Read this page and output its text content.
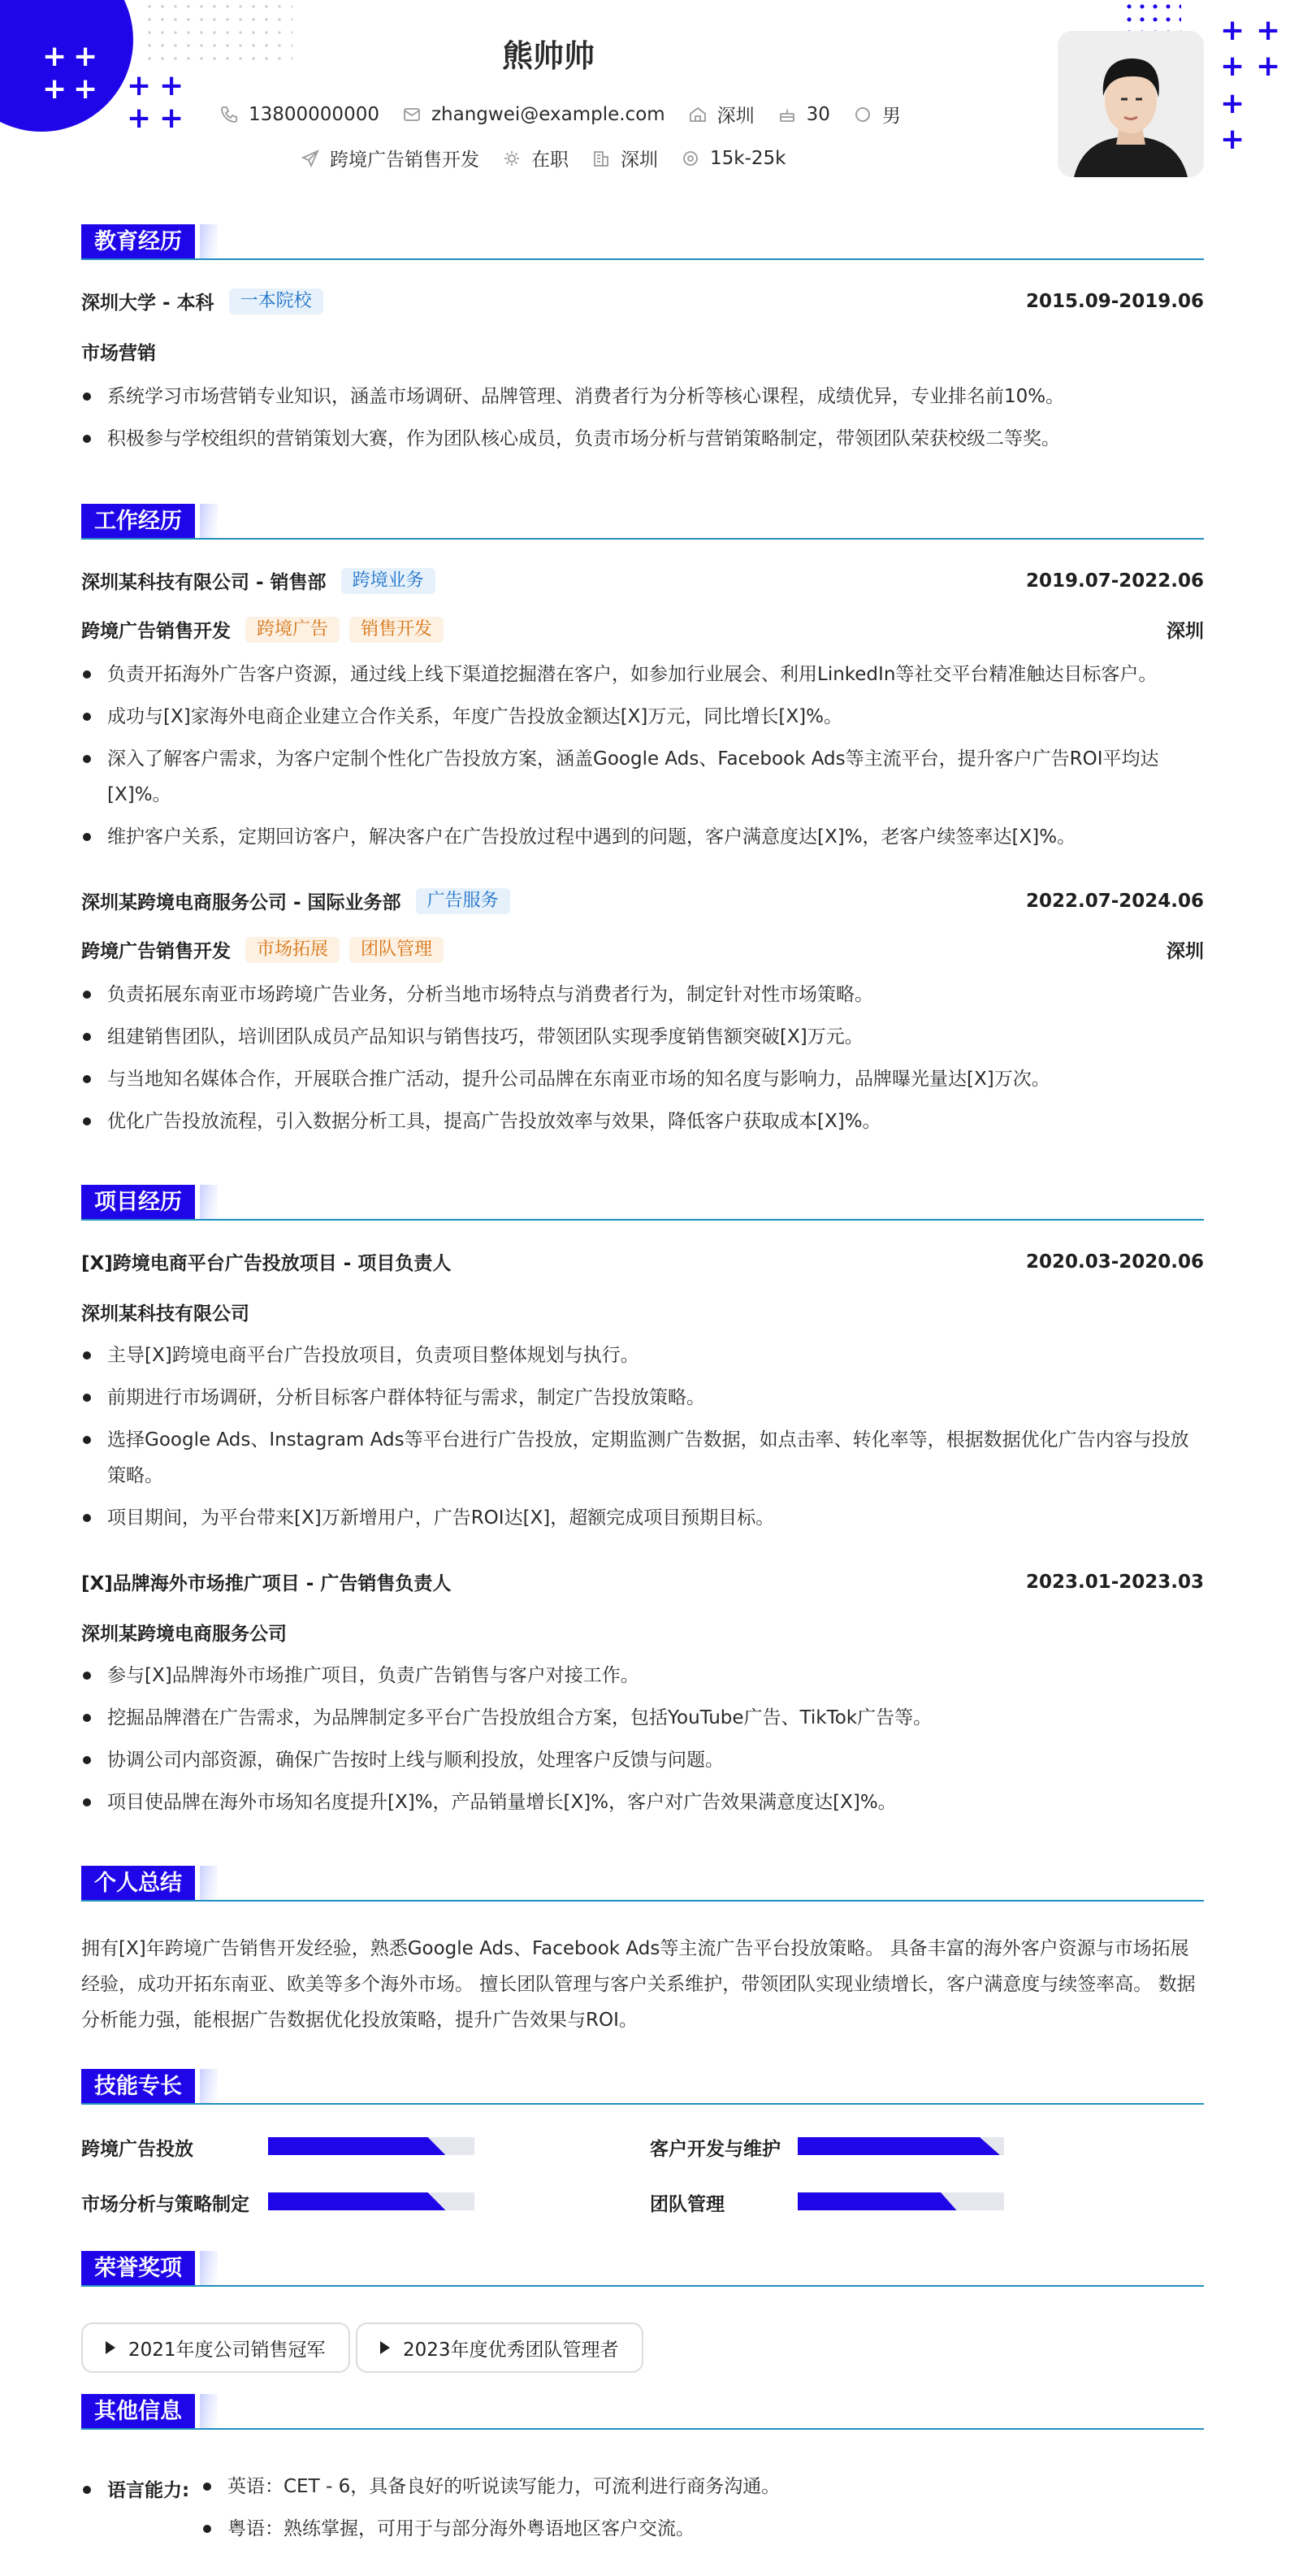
+ +
+ + + +
+ +
+ +
+ +
+
+
熊帅帅
13800000000	zhangwei@example.com	深圳	30	男
跨境广告销售开发	在职	深圳	15k-25k
教育经历
深圳大学 - 本科	一本院校	2015.09-2019.06
市场营销
系统学习市场营销专业知识，涵盖市场调研、品牌管理、消费者行为分析等核心课程，成绩优异，专业排名前10%。
积极参与学校组织的营销策划大赛，作为团队核心成员，负责市场分析与营销策略制定，带领团队荣获校级二等奖。
工作经历
深圳某科技有限公司 - 销售部	跨境业务	2019.07-2022.06
跨境广告销售开发	跨境广告	销售开发	深圳
负责开拓海外广告客户资源，通过线上线下渠道挖掘潜在客户，如参加行业展会、利用LinkedIn等社交平台精准触达目标客户。
成功与[X]家海外电商企业建立合作关系，年度广告投放金额达[X]万元，同比增长[X]%。
深入了解客户需求，为客户定制个性化广告投放方案，涵盖Google Ads、Facebook Ads等主流平台，提升客户广告ROI平均达[X]%。
维护客户关系，定期回访客户，解决客户在广告投放过程中遇到的问题，客户满意度达[X]%，老客户续签率达[X]%。
深圳某跨境电商服务公司 - 国际业务部	广告服务	2022.07-2024.06
跨境广告销售开发	市场拓展	团队管理	深圳
负责拓展东南亚市场跨境广告业务，分析当地市场特点与消费者行为，制定针对性市场策略。
组建销售团队，培训团队成员产品知识与销售技巧，带领团队实现季度销售额突破[X]万元。
与当地知名媒体合作，开展联合推广活动，提升公司品牌在东南亚市场的知名度与影响力，品牌曝光量达[X]万次。
优化广告投放流程，引入数据分析工具，提高广告投放效率与效果，降低客户获取成本[X]%。
项目经历
[X]跨境电商平台广告投放项目 - 项目负责人	2020.03-2020.06
深圳某科技有限公司
主导[X]跨境电商平台广告投放项目，负责项目整体规划与执行。
前期进行市场调研，分析目标客户群体特征与需求，制定广告投放策略。
选择Google Ads、Instagram Ads等平台进行广告投放，定期监测广告数据，如点击率、转化率等，根据数据优化广告内容与投放策略。
项目期间，为平台带来[X]万新增用户，广告ROI达[X]，超额完成项目预期目标。
[X]品牌海外市场推广项目 - 广告销售负责人	2023.01-2023.03
深圳某跨境电商服务公司
参与[X]品牌海外市场推广项目，负责广告销售与客户对接工作。
挖掘品牌潜在广告需求，为品牌制定多平台广告投放组合方案，包括YouTube广告、TikTok广告等。
协调公司内部资源，确保广告按时上线与顺利投放，处理客户反馈与问题。
项目使品牌在海外市场知名度提升[X]%，产品销量增长[X]%，客户对广告效果满意度达[X]%。
个人总结
拥有[X]年跨境广告销售开发经验，熟悉Google Ads、Facebook Ads等主流广告平台投放策略。 具备丰富的海外客户资源与市场拓展经验，成功开拓东南亚、欧美等多个海外市场。 擅长团队管理与客户关系维护，带领团队实现业绩增长，客户满意度与续签率高。 数据分析能力强，能根据广告数据优化投放策略，提升广告效果与ROI。
技能专长
跨境广告投放	客户开发与维护
市场分析与策略制定	团队管理
荣誉奖项
2021年度公司销售冠军	2023年度优秀团队管理者
其他信息
语言能力:	英语：CET - 6，具备良好的听说读写能力，可流利进行商务沟通。
粤语：熟练掌握，可用于与部分海外粤语地区客户交流。
